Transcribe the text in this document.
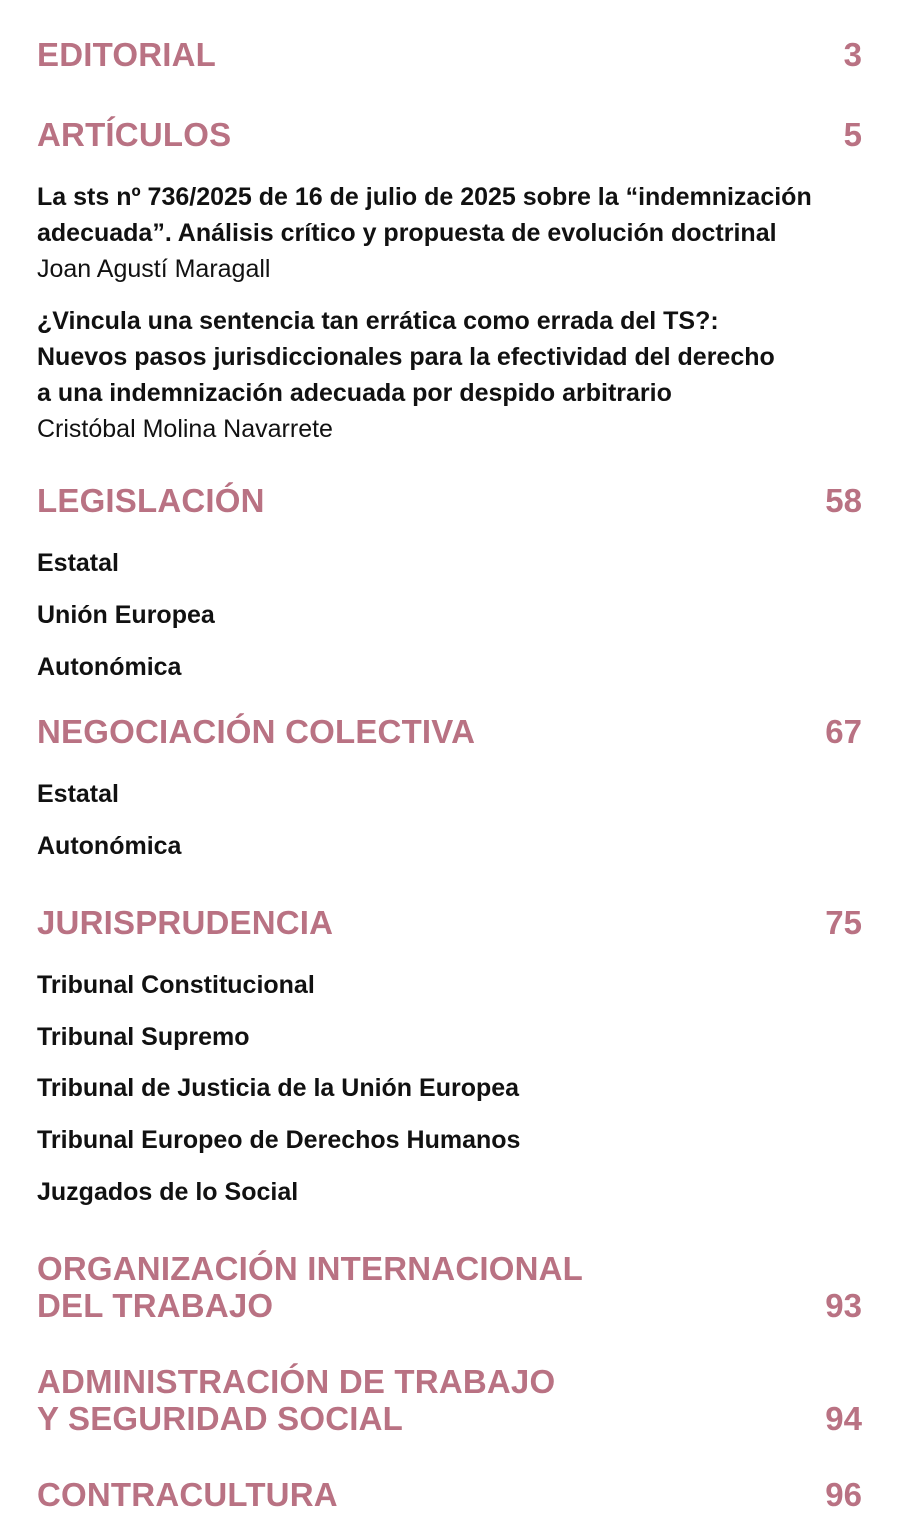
EDITORIAL	3
ARTÍCULOS	5
La sts nº 736/2025 de 16 de julio de 2025 sobre la “indemnización
adecuada”. Análisis crítico y propuesta de evolución doctrinal
Joan Agustí Maragall
¿Vincula una sentencia tan errática como errada del TS?:
Nuevos pasos jurisdiccionales para la efectividad del derecho
a una indemnización adecuada por despido arbitrario
Cristóbal Molina Navarrete
LEGISLACIÓN	58
Estatal
Unión Europea
Autonómica
NEGOCIACIÓN COLECTIVA	67
Estatal
Autonómica
JURISPRUDENCIA	75
Tribunal Constitucional
Tribunal Supremo
Tribunal de Justicia de la Unión Europea
Tribunal Europeo de Derechos Humanos
Juzgados de lo Social
ORGANIZACIÓN INTERNACIONAL
DEL TRABAJO	93
ADMINISTRACIÓN DE TRABAJO
Y SEGURIDAD SOCIAL	94
CONTRACULTURA	96
